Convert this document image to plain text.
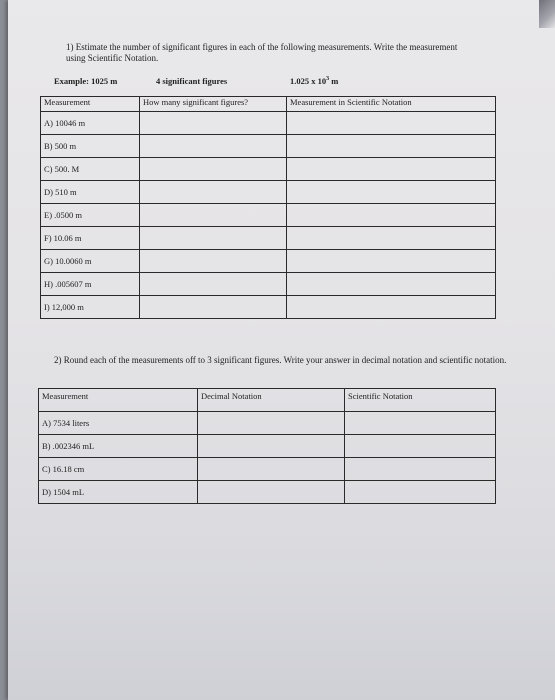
1) Estimate the number of significant figures in each of the following measurements. Write the measurement using Scientific Notation.
Example: 1025 m	4 significant figures	1.025 x $10^3$ m
2) Round each of the measurements off to 3 significant figures. Write your answer in decimal notation and scientific notation.
Measurement	How many significant figures?	Measurement in Scientific Notation
A) 10046 m		
B) 500 m		
C) 500. M		
D) 510 m		
E) .0500 m		
F) 10.06 m		
G) 10.0060 m		
H) .005607 m		
I) 12,000 m		
Measurement	Decimal Notation	Scientific Notation
A) 7534 liters		
B) .002346 mL		
C) 16.18 cm		
D) 1504 mL		
